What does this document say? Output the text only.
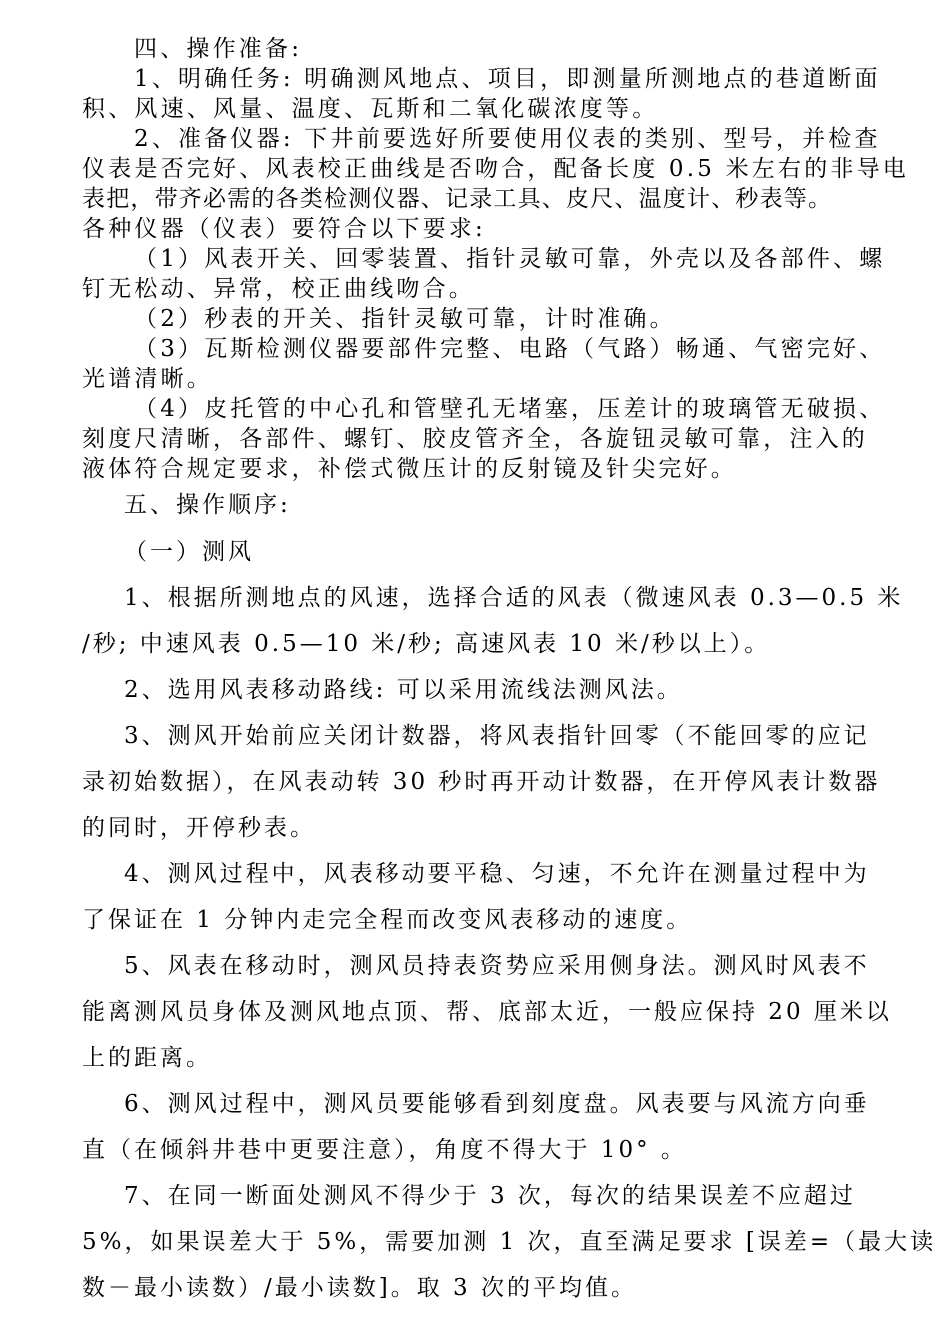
四、操作准备:
1、明确任务: 明确测风地点、项目，即测量所测地点的巷道断面
积、风速、风量、温度、瓦斯和二氧化碳浓度等。
2、准备仪器: 下井前要选好所要使用仪表的类别、型号，并检查
仪表是否完好、风表校正曲线是否吻合，配备长度 0.5 米左右的非导电
表把，带齐必需的各类检测仪器、记录工具、皮尺、温度计、秒表等。
各种仪器（仪表）要符合以下要求:
（1）风表开关、回零装置、指针灵敏可靠，外壳以及各部件、螺
钉无松动、异常，校正曲线吻合。
（2）秒表的开关、指针灵敏可靠，计时准确。
（3）瓦斯检测仪器要部件完整、电路（气路）畅通、气密完好、
光谱清晰。
（4）皮托管的中心孔和管壁孔无堵塞，压差计的玻璃管无破损、
刻度尺清晰，各部件、螺钉、胶皮管齐全，各旋钮灵敏可靠，注入的
液体符合规定要求，补偿式微压计的反射镜及针尖完好。
五、操作顺序:
（一）测风
1、根据所测地点的风速，选择合适的风表（微速风表 0.3—0.5 米
/秒; 中速风表 0.5—10 米/秒; 高速风表 10 米/秒以上）。
2、选用风表移动路线: 可以采用流线法测风法。
3、测风开始前应关闭计数器，将风表指针回零（不能回零的应记
录初始数据），在风表动转 30 秒时再开动计数器，在开停风表计数器
的同时，开停秒表。
4、测风过程中，风表移动要平稳、匀速，不允许在测量过程中为
了保证在 1 分钟内走完全程而改变风表移动的速度。
5、风表在移动时，测风员持表资势应采用侧身法。测风时风表不
能离测风员身体及测风地点顶、帮、底部太近，一般应保持 20 厘米以
上的距离。
6、测风过程中，测风员要能够看到刻度盘。风表要与风流方向垂
直（在倾斜井巷中更要注意），角度不得大于 10° 。
7、在同一断面处测风不得少于 3 次，每次的结果误差不应超过
5%，如果误差大于 5%，需要加测 1 次，直至满足要求 [误差=（最大读
数－最小读数）/最小读数]。取 3 次的平均值。
